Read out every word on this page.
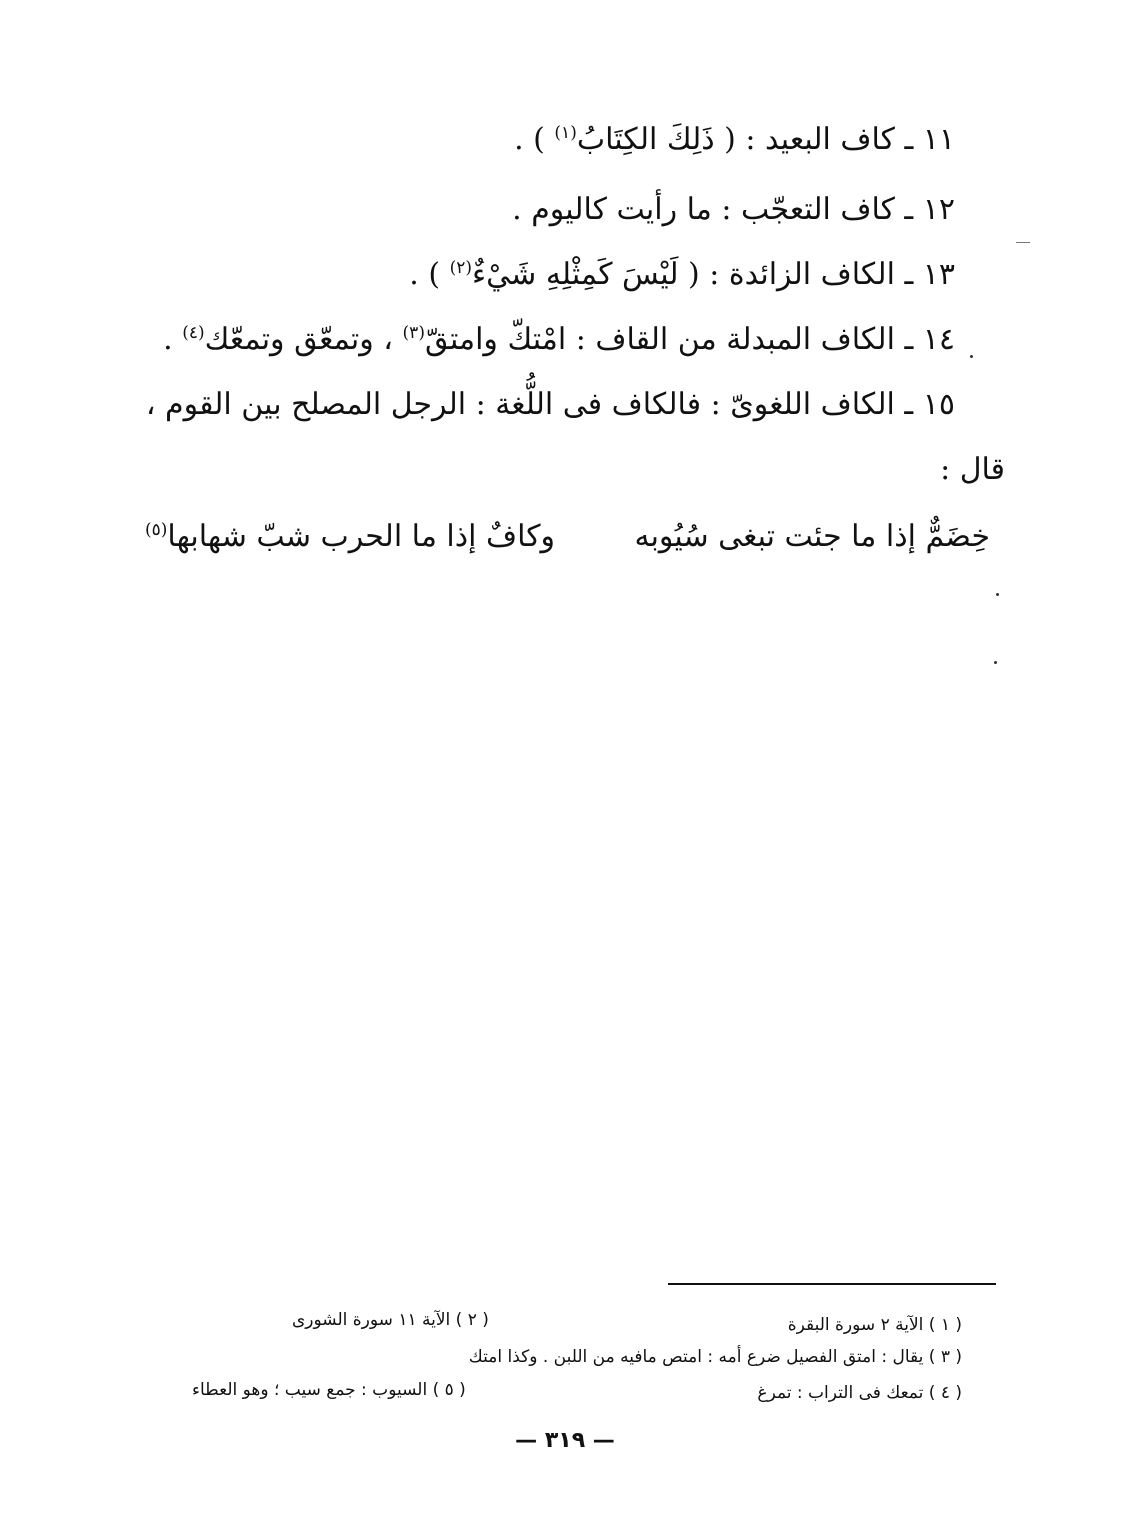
١١ ـ كاف البعيد : ( ذَلِكَ الكِتَابُ$^{(١)}$ ) .
١٢ ـ كاف التعجّب : ما رأيت كاليوم .
١٣ ـ الكاف الزائدة : ( لَيْسَ كَمِثْلِهِ شَيْءٌ$^{(٢)}$ ) .
١٤ ـ الكاف المبدلة من القاف : امْتكّ وامتقّ$^{(٣)}$ ، وتمعّق وتمعّك$^{(٤)}$ .
١٥ ـ الكاف اللغوىّ : فالكاف فى اللُّغة : الرجل المصلح بين القوم ،
قال :
خِضَمٌّ إذا ما جئت تبغى سُيُوبه
وكافٌ إذا ما الحرب شبّ شهابها$^{(٥)}$
( ١ ) الآية ٢ سورة البقرة
( ٢ ) الآية ١١ سورة الشورى
( ٣ ) يقال : امتق الفصيل ضرع أمه : امتص مافيه من اللبن . وكذا امتك
( ٤ ) تمعك فى التراب : تمرغ
( ٥ ) السيوب : جمع سيب ؛ وهو العطاء
— ٣١٩ —
